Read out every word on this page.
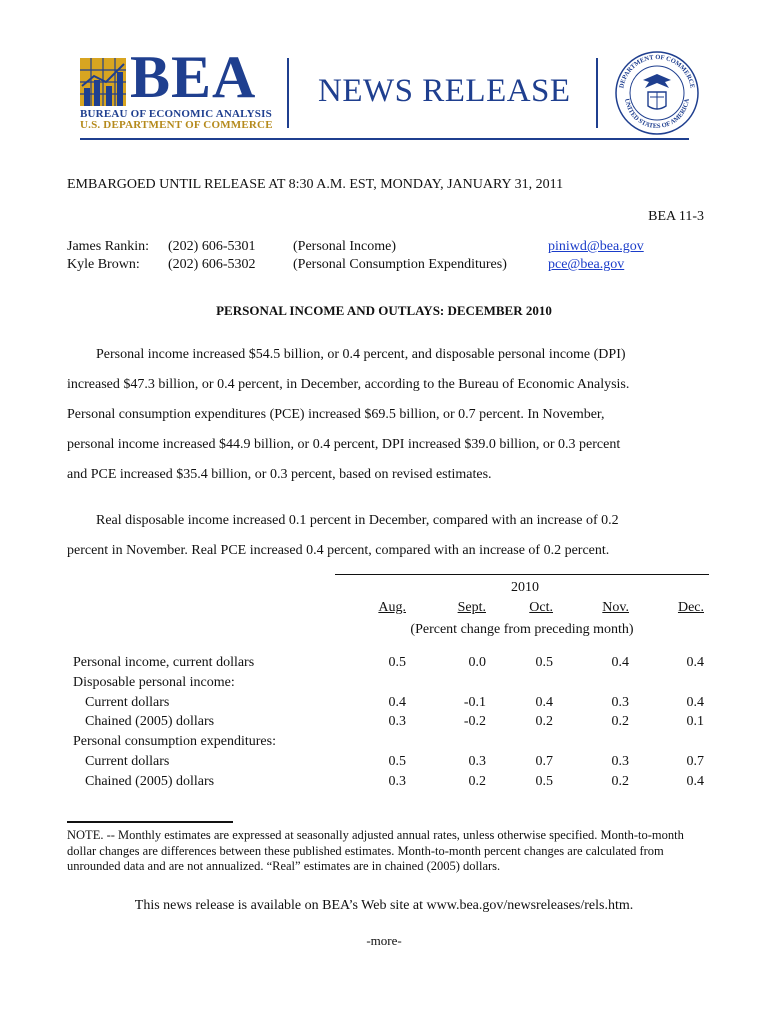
BEA
BUREAU OF ECONOMIC ANALYSIS
U.S. DEPARTMENT OF COMMERCE
NEWS RELEASE	DEPARTMENT OF COMMERCE
UNITED STATES OF AMERICA
EMBARGOED UNTIL RELEASE AT 8:30 A.M. EST, MONDAY, JANUARY 31, 2011
BEA 11-3
James Rankin: (202) 606-5301	(Personal Income)	piniwd@bea.gov
Kyle Brown: (202) 606-5302	(Personal Consumption Expenditures)	pce@bea.gov
PERSONAL INCOME AND OUTLAYS: DECEMBER 2010
Personal income increased $54.5 billion, or 0.4 percent, and disposable personal income (DPI)
increased $47.3 billion, or 0.4 percent, in December, according to the Bureau of Economic Analysis.
Personal consumption expenditures (PCE) increased $69.5 billion, or 0.7 percent. In November,
personal income increased $44.9 billion, or 0.4 percent, DPI increased $39.0 billion, or 0.3 percent
and PCE increased $35.4 billion, or 0.3 percent, based on revised estimates.
Real disposable income increased 0.1 percent in December, compared with an increase of 0.2
percent in November. Real PCE increased 0.4 percent, compared with an increase of 0.2 percent.
2010
Aug.	Sept.	Oct.	Nov.	Dec.
(Percent change from preceding month)
Personal income, current dollars	0.5	0.0	0.5	0.4	0.4
Disposable personal income:
Current dollars	0.4	-0.1	0.4	0.3	0.4
Chained (2005) dollars	0.3	-0.2	0.2	0.2	0.1
Personal consumption expenditures:
Current dollars	0.5	0.3	0.7	0.3	0.7
Chained (2005) dollars	0.3	0.2	0.5	0.2	0.4
NOTE. -- Monthly estimates are expressed at seasonally adjusted annual rates, unless otherwise specified. Month-to-month dollar changes are differences between these published estimates. Month-to-month percent changes are calculated from unrounded data and are not annualized. “Real” estimates are in chained (2005) dollars.
This news release is available on BEA’s Web site at www.bea.gov/newsreleases/rels.htm.
-more-
